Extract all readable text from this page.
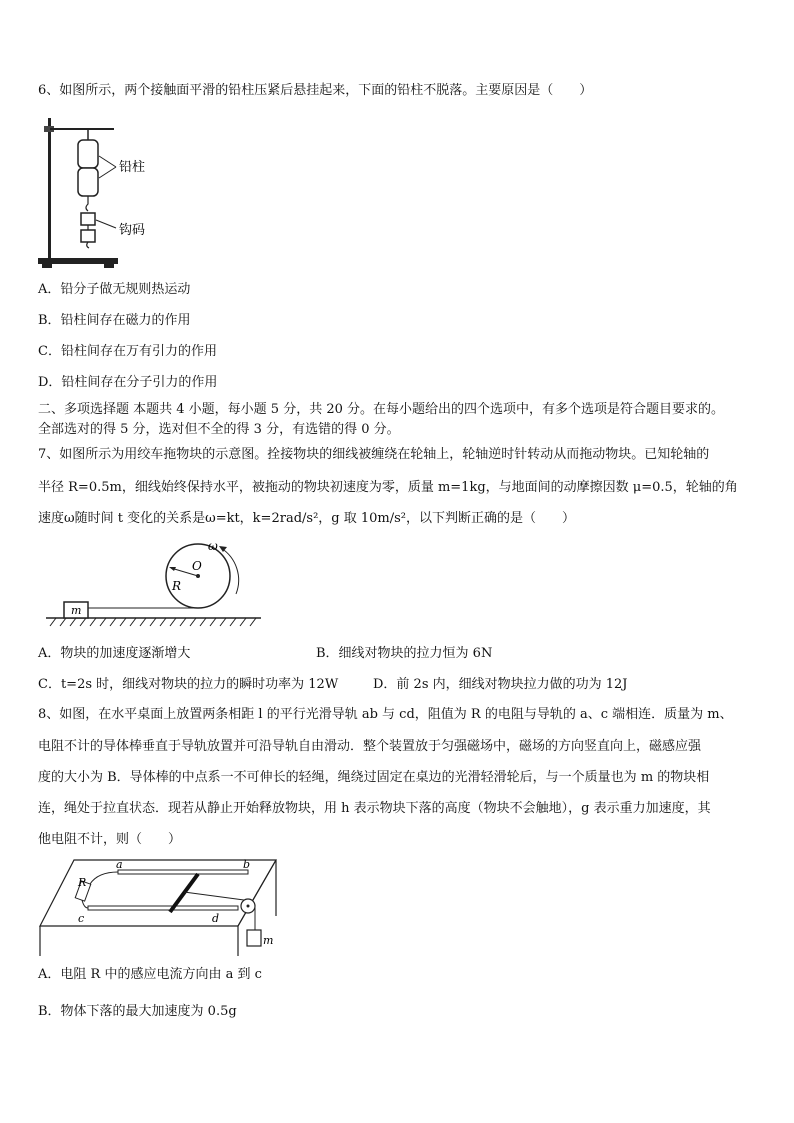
6、如图所示，两个接触面平滑的铅柱压紧后悬挂起来，下面的铅柱不脱落。主要原因是（　　）
铅柱
钩码
A．铅分子做无规则热运动
B．铅柱间存在磁力的作用
C．铅柱间存在万有引力的作用
D．铅柱间存在分子引力的作用
二、多项选择题 本题共 4 小题，每小题 5 分，共 20 分。在每小题给出的四个选项中，有多个选项是符合题目要求的。
全部选对的得 5 分，选对但不全的得 3 分，有选错的得 0 分。
7、如图所示为用绞车拖物块的示意图。拴接物块的细线被缠绕在轮轴上，轮轴逆时针转动从而拖动物块。已知轮轴的
半径 R=0.5m，细线始终保持水平，被拖动的物块初速度为零，质量 m=1kg，与地面间的动摩擦因数 μ=0.5，轮轴的角
速度ω随时间 t 变化的关系是ω=kt，k=2rad/s²，g 取 10m/s²，以下判断正确的是（　　）
m
O
R
ω
A．物块的加速度逐渐增大	B．细线对物块的拉力恒为 6N
C．t=2s 时，细线对物块的拉力的瞬时功率为 12W	D．前 2s 内，细线对物块拉力做的功为 12J
8、如图，在水平桌面上放置两条相距 l 的平行光滑导轨 ab 与 cd，阻值为 R 的电阻与导轨的 a、c 端相连．质量为 m、
电阻不计的导体棒垂直于导轨放置并可沿导轨自由滑动．整个装置放于匀强磁场中，磁场的方向竖直向上，磁感应强
度的大小为 B．导体棒的中点系一不可伸长的轻绳，绳绕过固定在桌边的光滑轻滑轮后，与一个质量也为 m 的物块相
连，绳处于拉直状态．现若从静止开始释放物块，用 h 表示物块下落的高度（物块不会触地），g 表示重力加速度，其
他电阻不计，则（　　）
a	b
R
c	d
m
A．电阻 R 中的感应电流方向由 a 到 c
B．物体下落的最大加速度为 0.5g
